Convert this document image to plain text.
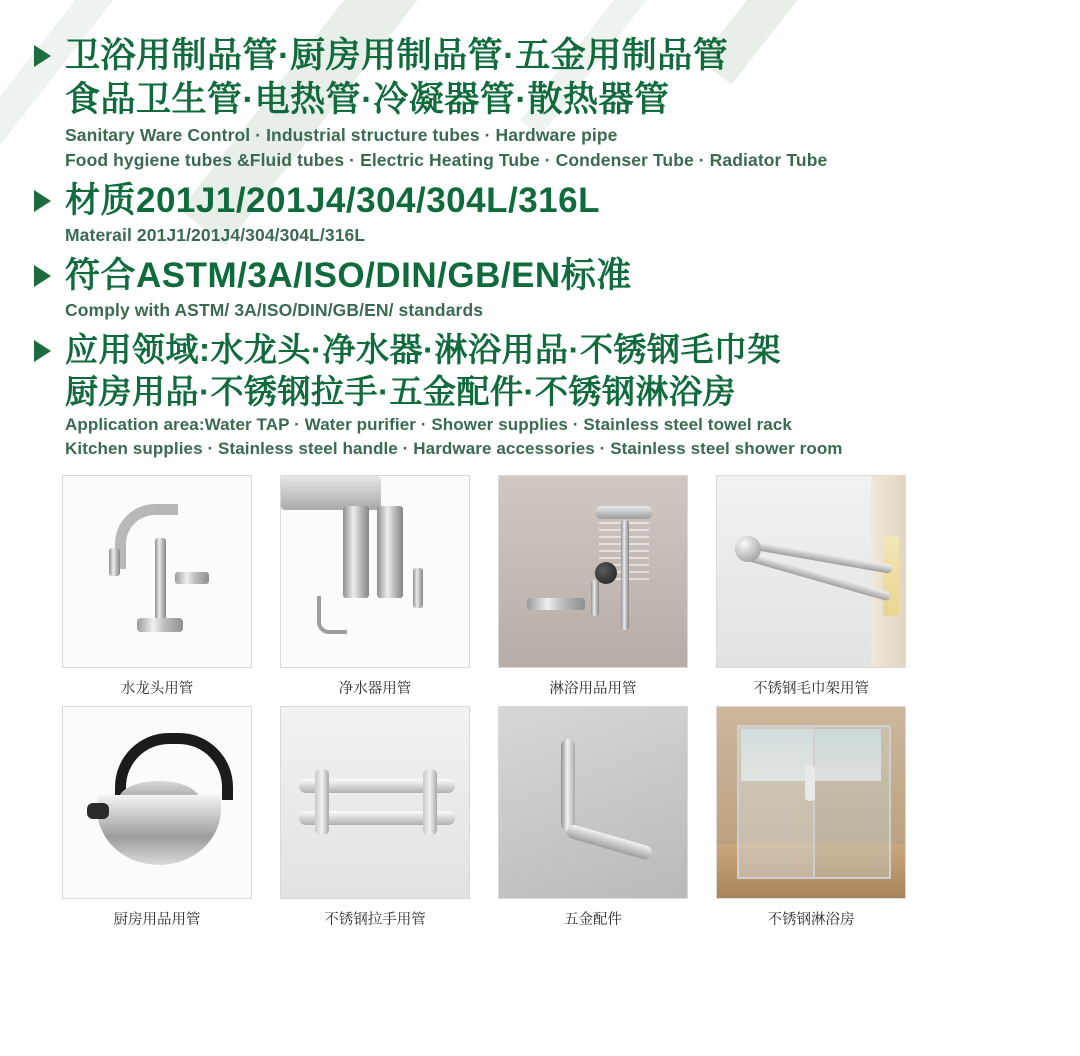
卫浴用制品管·厨房用制品管·五金用制品管
食品卫生管·电热管·冷凝器管·散热器管
Sanitary Ware Control · Industrial structure tubes · Hardware pipe
Food hygiene tubes &Fluid tubes · Electric Heating Tube · Condenser Tube · Radiator Tube
材质201J1/201J4/304/304L/316L
Materail 201J1/201J4/304/304L/316L
符合ASTM/3A/ISO/DIN/GB/EN标准
Comply with ASTM/ 3A/ISO/DIN/GB/EN/ standards
应用领域:水龙头·净水器·淋浴用品·不锈钢毛巾架
厨房用品·不锈钢拉手·五金配件·不锈钢淋浴房
Application area:Water TAP · Water purifier · Shower supplies · Stainless steel towel rack
Kitchen supplies · Stainless steel handle · Hardware accessories · Stainless steel shower room
水龙头用管	净水器用管	淋浴用品用管	不锈钢毛巾架用管
厨房用品用管	不锈钢拉手用管	五金配件	不锈钢淋浴房
